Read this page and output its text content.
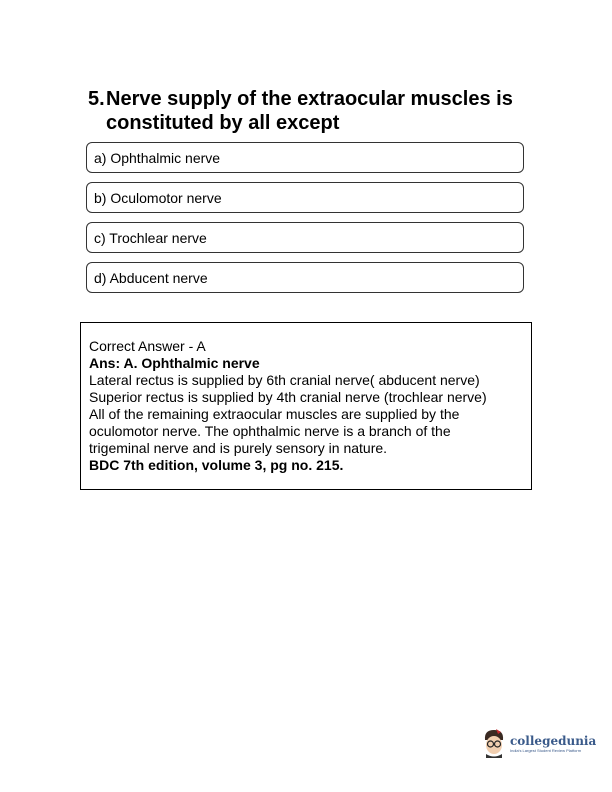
5. Nerve supply of the extraocular muscles is constituted by all except
a) Ophthalmic nerve
b) Oculomotor nerve
c) Trochlear nerve
d) Abducent nerve
Correct Answer - A
Ans: A. Ophthalmic nerve
Lateral rectus is supplied by 6th cranial nerve( abducent nerve)
Superior rectus is supplied by 4th cranial nerve (trochlear nerve)
All of the remaining extraocular muscles are supplied by the
oculomotor nerve. The ophthalmic nerve is a branch of the
trigeminal nerve and is purely sensory in nature.
BDC 7th edition, volume 3, pg no. 215.
collegedunia
India's Largest Student Review Platform
